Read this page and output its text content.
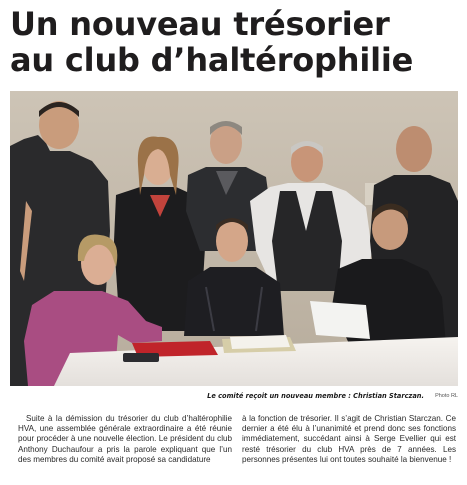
Un nouveau trésorier
au club d’haltérophilie
Le comité reçoit un nouveau membre : Christian Starczan. Photo RL

Suite à la démission du trésorier du club d’haltérophilie HVA, une assemblée générale extraordinaire a été réunie pour procéder à une nouvelle élection. Le président du club Anthony Duchaufour a pris la parole expliquant que l’un des membres du comité avait proposé sa candidature

à la fonction de trésorier. Il s’agit de Christian Starczan. Ce dernier a été élu à l’unanimité et prend donc ses fonctions immédiatement, succédant ainsi à Serge Evellier qui est resté trésorier du club HVA près de 7 années. Les personnes présentes lui ont toutes souhaité la bienvenue !
